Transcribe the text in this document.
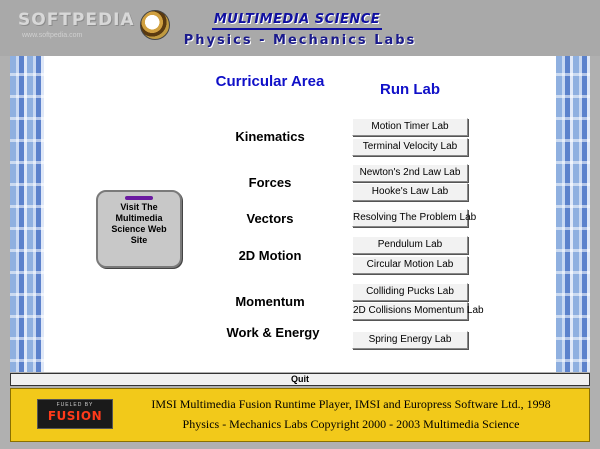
SOFTPEDIA
www.softpedia.com
MULTIMEDIA SCIENCE
Physics - Mechanics Labs
Curricular Area	Run Lab
Kinematics
Forces
Vectors
2D Motion
Momentum
Work & Energy
Motion Timer Lab
Terminal Velocity Lab
Newton's 2nd Law Lab
Hooke's Law Lab
Resolving The Problem Lab
Pendulum Lab
Circular Motion Lab
Colliding Pucks Lab
2D Collisions Momentum Lab
Spring Energy Lab
Visit The Multimedia Science Web Site
Quit
FUELED BY
FUSION
IMSI Multimedia Fusion Runtime Player, IMSI and Europress Software Ltd., 1998
Physics - Mechanics Labs Copyright 2000 - 2003 Multimedia Science
